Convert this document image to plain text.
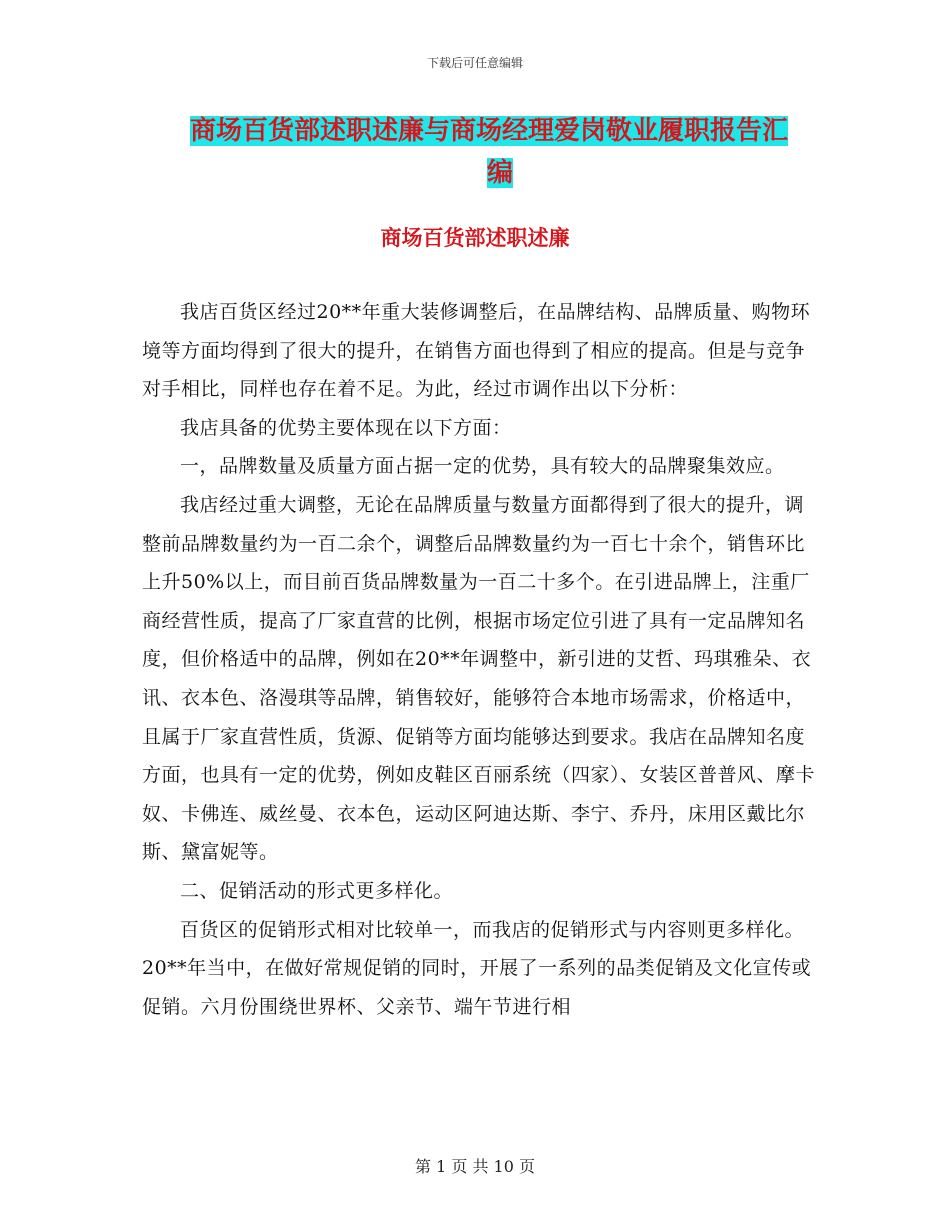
下载后可任意编辑
商场百货部述职述廉与商场经理爱岗敬业履职报告汇
编
商场百货部述职述廉

我店百货区经过20**年重大装修调整后，在品牌结构、品牌质量、购物环境等方面均得到了很大的提升，在销售方面也得到了相应的提高。但是与竞争对手相比，同样也存在着不足。为此，经过市调作出以下分析：

我店具备的优势主要体现在以下方面：

一，品牌数量及质量方面占据一定的优势，具有较大的品牌聚集效应。

我店经过重大调整，无论在品牌质量与数量方面都得到了很大的提升，调整前品牌数量约为一百二余个，调整后品牌数量约为一百七十余个，销售环比上升50%以上，而目前百货品牌数量为一百二十多个。在引进品牌上，注重厂商经营性质，提高了厂家直营的比例，根据市场定位引进了具有一定品牌知名度，但价格适中的品牌，例如在20**年调整中，新引进的艾哲、玛琪雅朵、衣讯、衣本色、洛漫琪等品牌，销售较好，能够符合本地市场需求，价格适中，且属于厂家直营性质，货源、促销等方面均能够达到要求。我店在品牌知名度方面，也具有一定的优势，例如皮鞋区百丽系统（四家）、女装区普普风、摩卡奴、卡佛连、威丝曼、衣本色，运动区阿迪达斯、李宁、乔丹，床用区戴比尔斯、黛富妮等。

二、促销活动的形式更多样化。

百货区的促销形式相对比较单一，而我店的促销形式与内容则更多样化。20**年当中，在做好常规促销的同时，开展了一系列的品类促销及文化宣传或促销。六月份围绕世界杯、父亲节、端午节进行相

第 1 页 共 10 页
